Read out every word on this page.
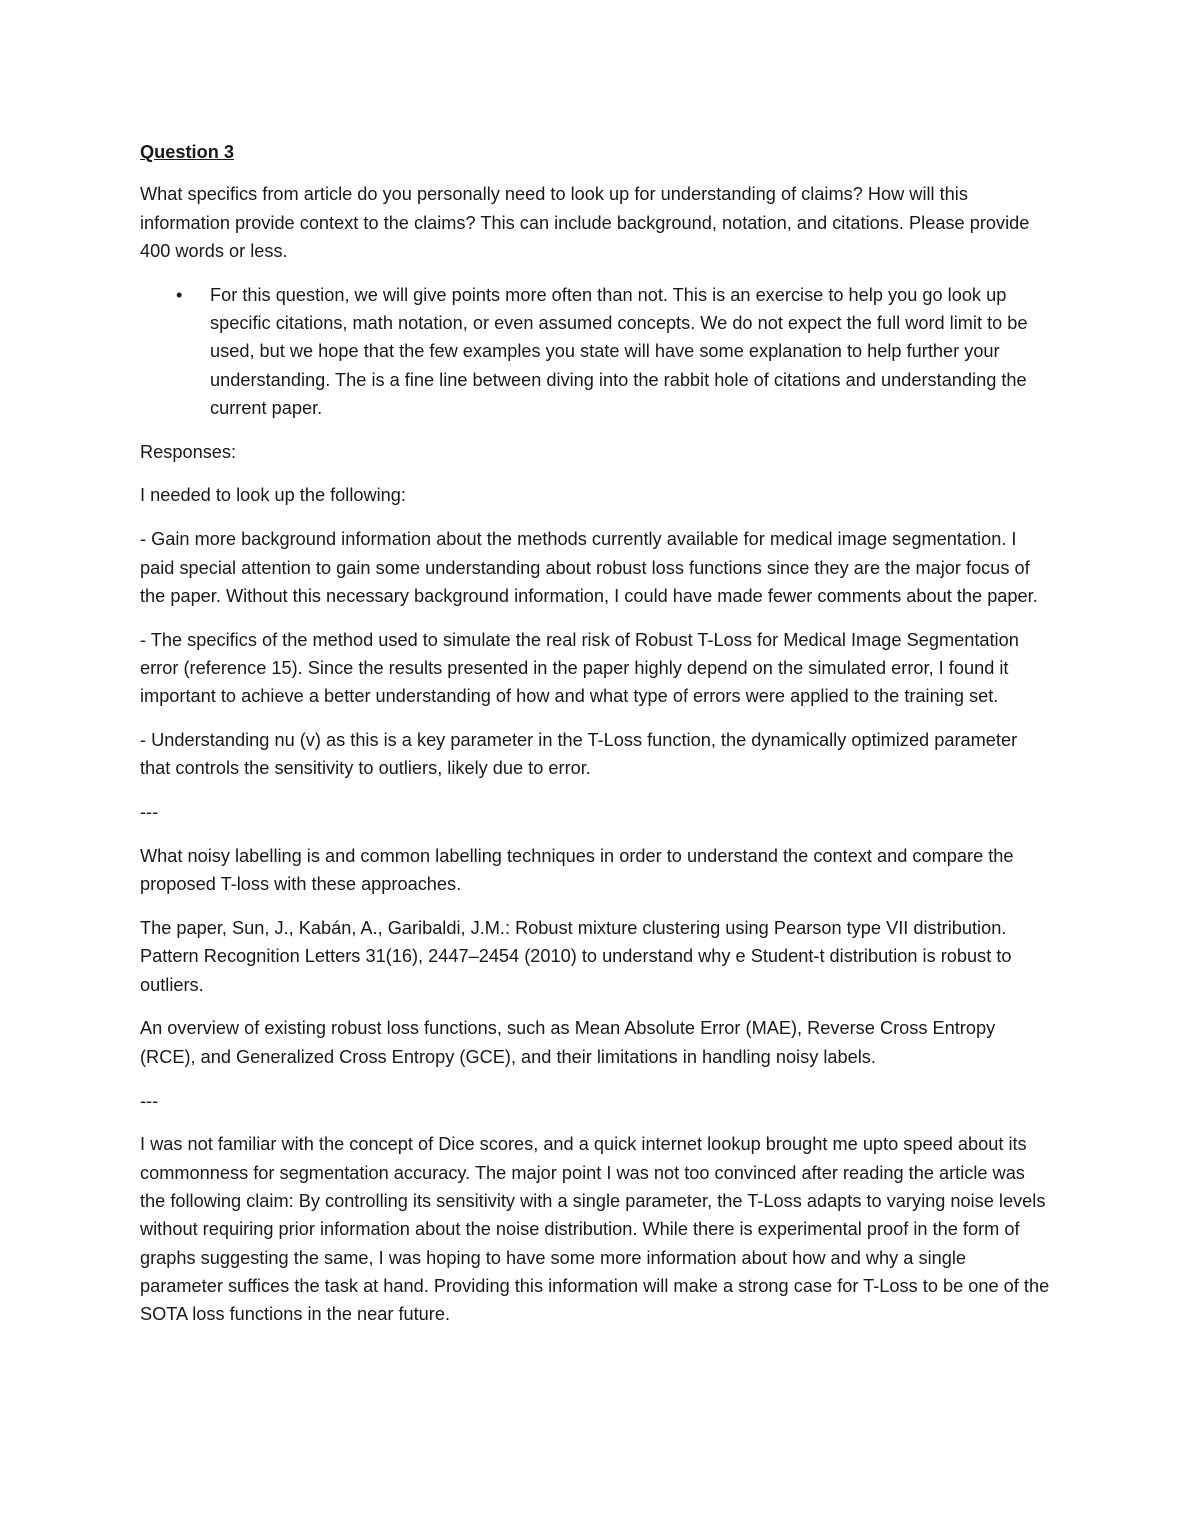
Question 3

What specifics from article do you personally need to look up for understanding of claims? How will this information provide context to the claims? This can include background, notation, and citations. Please provide 400 words or less.

• For this question, we will give points more often than not. This is an exercise to help you go look up specific citations, math notation, or even assumed concepts. We do not expect the full word limit to be used, but we hope that the few examples you state will have some explanation to help further your understanding. The is a fine line between diving into the rabbit hole of citations and understanding the current paper.

Responses:

I needed to look up the following:

- Gain more background information about the methods currently available for medical image segmentation. I paid special attention to gain some understanding about robust loss functions since they are the major focus of the paper. Without this necessary background information, I could have made fewer comments about the paper.

- The specifics of the method used to simulate the real risk of Robust T-Loss for Medical Image Segmentation error (reference 15). Since the results presented in the paper highly depend on the simulated error, I found it important to achieve a better understanding of how and what type of errors were applied to the training set.

- Understanding nu (v) as this is a key parameter in the T-Loss function, the dynamically optimized parameter that controls the sensitivity to outliers, likely due to error.

---

What noisy labelling is and common labelling techniques in order to understand the context and compare the proposed T-loss with these approaches.

The paper, Sun, J., Kabán, A., Garibaldi, J.M.: Robust mixture clustering using Pearson type VII distribution. Pattern Recognition Letters 31(16), 2447–2454 (2010) to understand why e Student-t distribution is robust to outliers.

An overview of existing robust loss functions, such as Mean Absolute Error (MAE), Reverse Cross Entropy (RCE), and Generalized Cross Entropy (GCE), and their limitations in handling noisy labels.

---

I was not familiar with the concept of Dice scores, and a quick internet lookup brought me upto speed about its commonness for segmentation accuracy. The major point I was not too convinced after reading the article was the following claim: By controlling its sensitivity with a single parameter, the T-Loss adapts to varying noise levels without requiring prior information about the noise distribution. While there is experimental proof in the form of graphs suggesting the same, I was hoping to have some more information about how and why a single parameter suffices the task at hand. Providing this information will make a strong case for T-Loss to be one of the SOTA loss functions in the near future.
